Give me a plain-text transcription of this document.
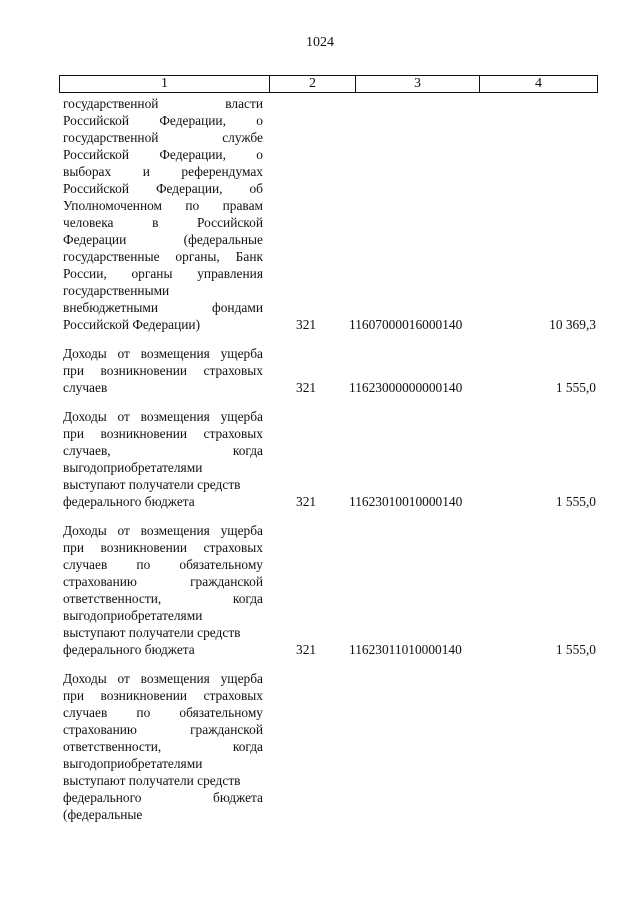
1024
1	2	3	4
государственной власти
Российской Федерации, о
государственной службе
Российской Федерации, о
выборах и референдумах
Российской Федерации, об
Уполномоченном по правам
человека в Российской
Федерации (федеральные
государственные органы, Банк
России, органы управления
государственными
внебюджетными фондами
Российской Федерации)	321 11607000016000140	10 369,3
Доходы от возмещения ущерба
при возникновении страховых
случаев	321 11623000000000140	1 555,0
Доходы от возмещения ущерба
при возникновении страховых
случаев, когда
выгодоприобретателями
выступают получатели средств
федерального бюджета	321 11623010010000140	1 555,0
Доходы от возмещения ущерба
при возникновении страховых
случаев по обязательному
страхованию гражданской
ответственности, когда
выгодоприобретателями
выступают получатели средств
федерального бюджета	321 11623011010000140	1 555,0
Доходы от возмещения ущерба
при возникновении страховых
случаев по обязательному
страхованию гражданской
ответственности, когда
выгодоприобретателями
выступают получатели средств
федерального бюджета
(федеральные
